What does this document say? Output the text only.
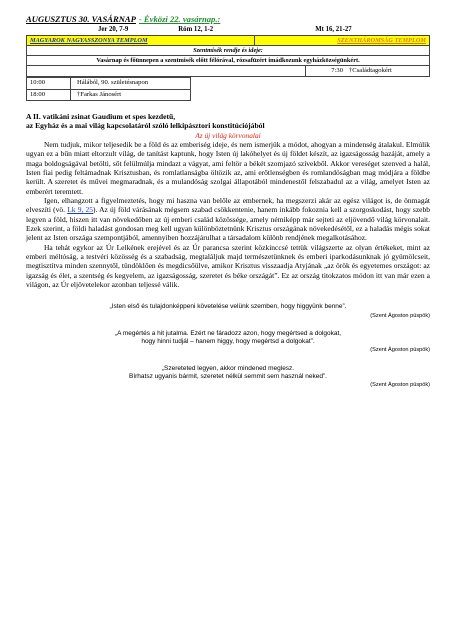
AUGUSZTUS 30. VASÁRNAP - Évközi 22. vasárnap.:
Jer 20, 7-9	Róm 12, 1-2	Mt 16, 21-27
MAGYAROK NAGYASSZONYA TEMPLOM	SZENTHÁROMSÁG TEMPLOM
Szentmisék rendje és ideje:
Vasárnap és főünnepen a szentmisék előtt félórával, rózsafüzért imádkozunk egyházközségünkért.
7:30 †Családtagokért
10:00	Hálából, 90. születésnapon
18:00	†Farkas Jánosért
A II. vatikáni zsinat Gaudium et spes kezdetű,
az Egyház és a mai világ kapcsolatáról szóló lelkipásztori konstitúciójából
Az új világ körvonalai

Nem tudjuk, mikor teljesedik be a föld és az emberiség ideje, és nem ismerjük a módot, ahogyan a mindenség átalakul. Elmúlik ugyan ez a bűn miatt eltorzult világ, de tanítást kaptunk, hogy Isten új lakóhelyet és új földet készít, az igazságosság hazáját, amely a maga boldogságával betölti, sőt felülmúlja mindazt a vágyat, ami feltör a békét szomjazó szívekből. Akkor vereséget szenved a halál, Isten fiai pedig feltámadnak Krisztusban, és romlatlanságba öltözik az, ami erőtlenségben és romlandóságban mag módjára a földbe került. A szeretet és művei megmaradnak, és a mulandóság szolgai állapotából mindenestől felszabadul az a világ, amelyet Isten az emberért teremtett.

Igen, elhangzott a figyelmeztetés, hogy mi haszna van belőle az embernek, ha megszerzi akár az egész világot is, de önmagát elveszíti (vö. Lk 9, 25). Az új föld várásának mégsem szabad csökkentenie, hanem inkább fokoznia kell a szorgoskodást, hogy szebb legyen a föld, hiszen itt van növekedőben az új emberi család közössége, amely némiképp már sejteti az eljövendő világ körvonalait. Ezek szerint, a földi haladást gondosan meg kell ugyan különböztetnünk Krisztus országának növekedésétől, ez a haladás mégis sokat jelent az Isten országa szempontjából, amennyiben hozzájárulhat a társadalom különb rendjének megalkotásához.

Ha tehát egykor az Úr Lelkének erejével és az Úr parancsa szerint közkinccsé tettük világszerte az olyan értékeket, mint az emberi méltóság, a testvéri közösség és a szabadság, megtaláljuk majd természetünknek és emberi iparkodásunknak jó gyümölcseit, megtisztítva minden szennytől, tündöklően és megdicsőülve, amikor Krisztus visszaadja Atyjának „az örök és egyetemes országot: az igazság és élet, a szentség és kegyelem, az igazságosság, szeretet és béke országát”. Ez az ország titokzatos módon itt van már ezen a világon, az Úr eljövetelekor azonban teljessé válik.

„Isten első és tulajdonképpeni követelése velünk szemben, hogy higgyünk benne”.
(Szent Ágoston püspök)
„A megértés a hit jutalma. Ezért ne fáradozz azon, hogy megértsed a dolgokat,
hogy hinni tudjál – hanem higgy, hogy megértsd a dolgokat”.
(Szent Ágoston püspök)
„Szereteted legyen, akkor mindened meglesz.
Bírhatsz ugyanis bármit, szeretet nélkül semmit sem használ neked”.
(Szent Ágoston püspök)
